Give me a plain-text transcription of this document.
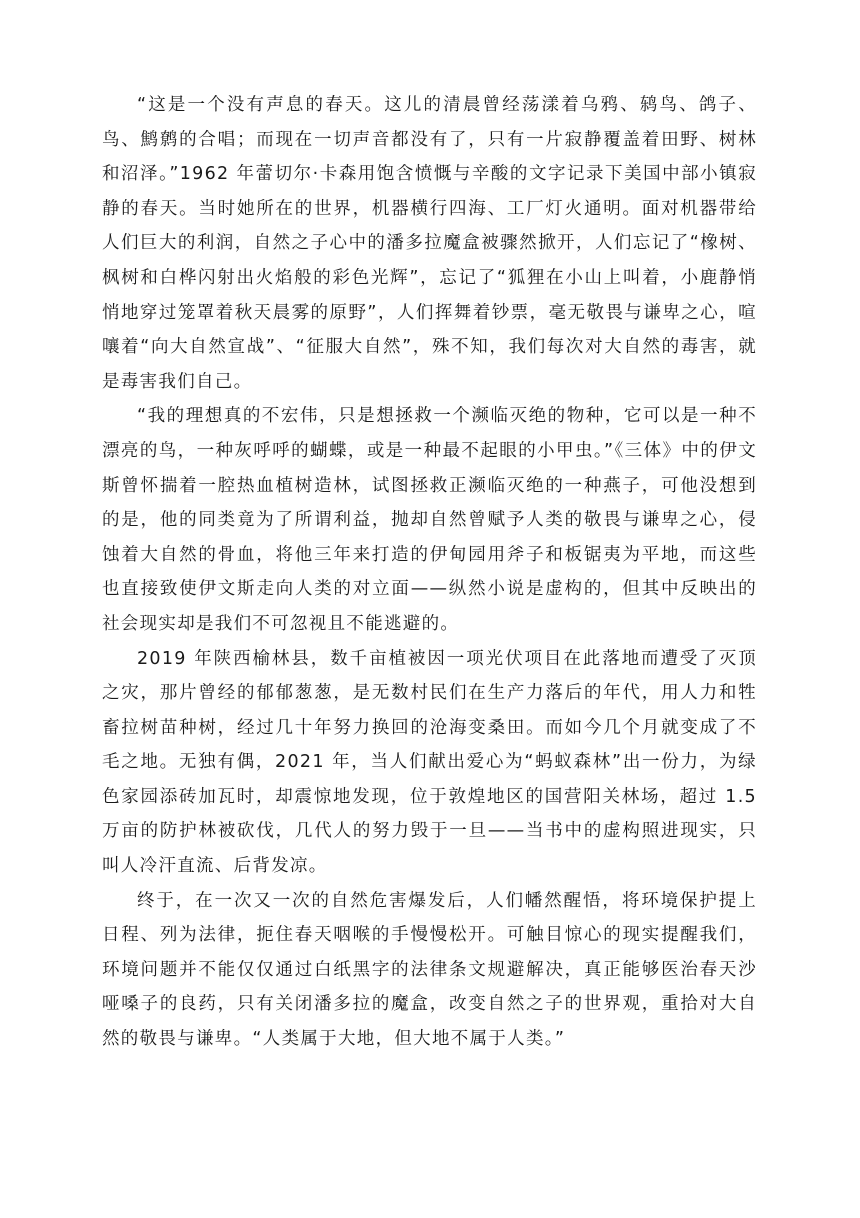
“这是一个没有声息的春天。这儿的清晨曾经荡漾着乌鸦、鸫鸟、鸽子、鸟、鹪鹩的合唱；而现在一切声音都没有了，只有一片寂静覆盖着田野、树林和沼泽。”1962 年蕾切尔·卡森用饱含愤慨与辛酸的文字记录下美国中部小镇寂静的春天。当时她所在的世界，机器横行四海、工厂灯火通明。面对机器带给人们巨大的利润，自然之子心中的潘多拉魔盒被骤然掀开，人们忘记了“橡树、枫树和白桦闪射出火焰般的彩色光辉”，忘记了“狐狸在小山上叫着，小鹿静悄悄地穿过笼罩着秋天晨雾的原野”，人们挥舞着钞票，毫无敬畏与谦卑之心，喧嚷着“向大自然宣战”、“征服大自然”，殊不知，我们每次对大自然的毒害，就是毒害我们自己。

“我的理想真的不宏伟，只是想拯救一个濒临灭绝的物种，它可以是一种不漂亮的鸟，一种灰呼呼的蝴蝶，或是一种最不起眼的小甲虫。”《三体》中的伊文斯曾怀揣着一腔热血植树造林，试图拯救正濒临灭绝的一种燕子，可他没想到的是，他的同类竟为了所谓利益，抛却自然曾赋予人类的敬畏与谦卑之心，侵蚀着大自然的骨血，将他三年来打造的伊甸园用斧子和板锯夷为平地，而这些也直接致使伊文斯走向人类的对立面——纵然小说是虚构的，但其中反映出的社会现实却是我们不可忽视且不能逃避的。

2019 年陕西榆林县，数千亩植被因一项光伏项目在此落地而遭受了灭顶之灾，那片曾经的郁郁葱葱，是无数村民们在生产力落后的年代，用人力和牲畜拉树苗种树，经过几十年努力换回的沧海变桑田。而如今几个月就变成了不毛之地。无独有偶，2021 年，当人们献出爱心为“蚂蚁森林”出一份力，为绿色家园添砖加瓦时，却震惊地发现，位于敦煌地区的国营阳关林场，超过 1.5 万亩的防护林被砍伐，几代人的努力毁于一旦——当书中的虚构照进现实，只叫人冷汗直流、后背发凉。

终于，在一次又一次的自然危害爆发后，人们幡然醒悟，将环境保护提上日程、列为法律，扼住春天咽喉的手慢慢松开。可触目惊心的现实提醒我们，环境问题并不能仅仅通过白纸黑字的法律条文规避解决，真正能够医治春天沙哑嗓子的良药，只有关闭潘多拉的魔盒，改变自然之子的世界观，重拾对大自然的敬畏与谦卑。“人类属于大地，但大地不属于人类。”
